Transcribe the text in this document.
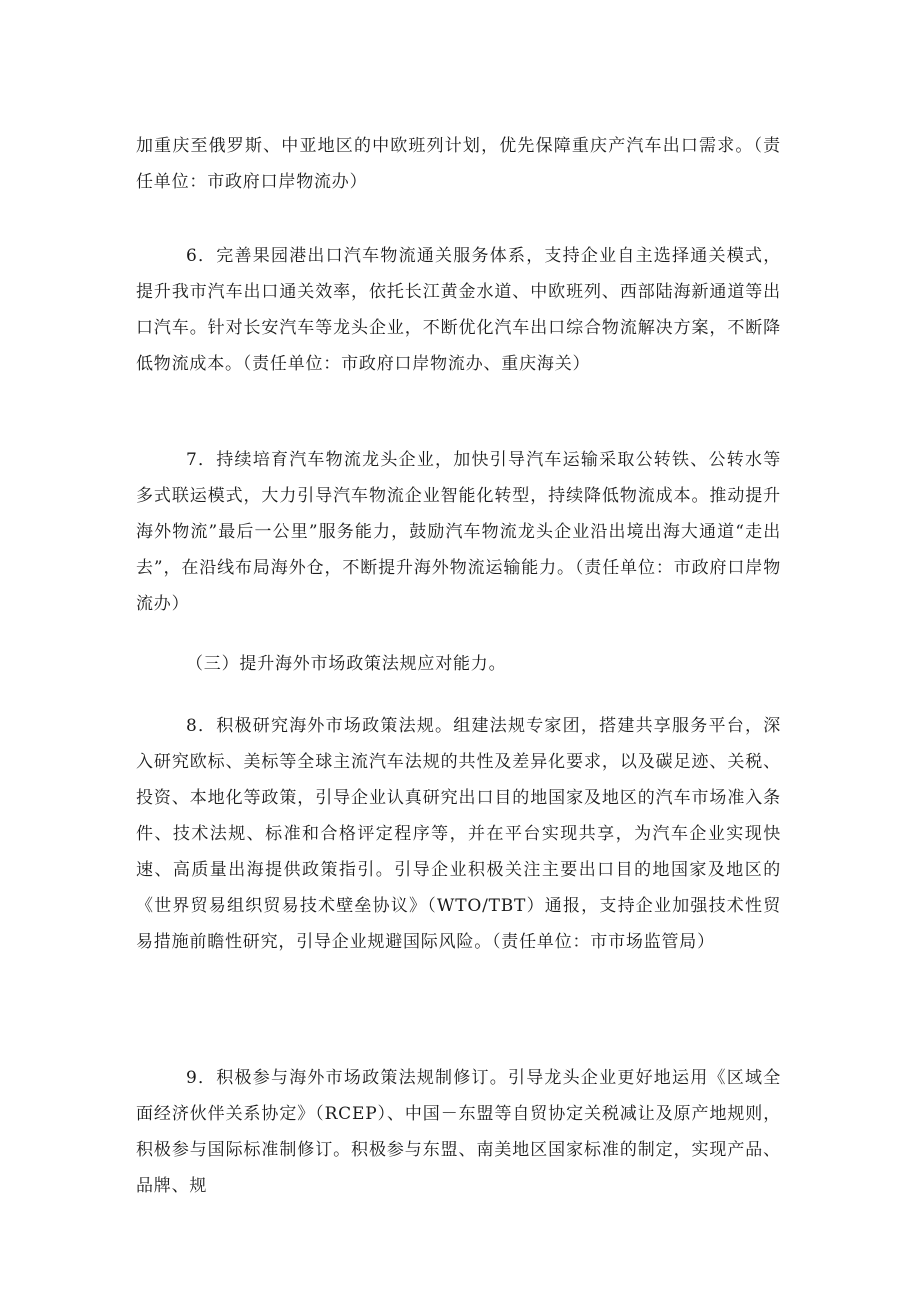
加重庆至俄罗斯、中亚地区的中欧班列计划，优先保障重庆产汽车出口需求。（责任单位：市政府口岸物流办）

6．完善果园港出口汽车物流通关服务体系，支持企业自主选择通关模式，提升我市汽车出口通关效率，依托长江黄金水道、中欧班列、西部陆海新通道等出口汽车。针对长安汽车等龙头企业，不断优化汽车出口综合物流解决方案，不断降低物流成本。（责任单位：市政府口岸物流办、重庆海关）

7．持续培育汽车物流龙头企业，加快引导汽车运输采取公转铁、公转水等多式联运模式，大力引导汽车物流企业智能化转型，持续降低物流成本。推动提升海外物流”最后一公里”服务能力，鼓励汽车物流龙头企业沿出境出海大通道“走出去”，在沿线布局海外仓，不断提升海外物流运输能力。（责任单位：市政府口岸物流办）

（三）提升海外市场政策法规应对能力。

8．积极研究海外市场政策法规。组建法规专家团，搭建共享服务平台，深入研究欧标、美标等全球主流汽车法规的共性及差异化要求，以及碳足迹、关税、投资、本地化等政策，引导企业认真研究出口目的地国家及地区的汽车市场准入条件、技术法规、标准和合格评定程序等，并在平台实现共享，为汽车企业实现快速、高质量出海提供政策指引。引导企业积极关注主要出口目的地国家及地区的《世界贸易组织贸易技术壁垒协议》（WTO/TBT）通报，支持企业加强技术性贸易措施前瞻性研究，引导企业规避国际风险。（责任单位：市市场监管局）

9．积极参与海外市场政策法规制修订。引导龙头企业更好地运用《区域全面经济伙伴关系协定》（RCEP）、中国－东盟等自贸协定关税减让及原产地规则，积极参与国际标准制修订。积极参与东盟、南美地区国家标准的制定，实现产品、品牌、规
